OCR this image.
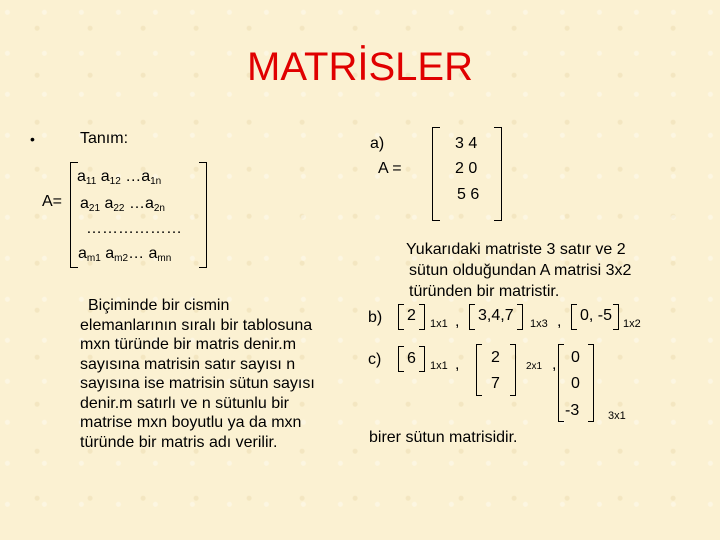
MATRİSLER
•	Tanım:
A=
$a_{11}$ $a_{12}$ $\dots a_{1n}$
$a_{21}$ $a_{22}$ $\dots a_{2n}$
………………
$a_{m1}$ $a_{m2}\dots$ $a_{mn}$
Biçiminde bir cismin
elemanlarının sıralı bir tablosuna
mxn türünde bir matris denir.m
sayısına matrisin satır sayısı n
sayısına ise matrisin sütun sayısı
denir.m satırlı ve n sütunlu bir
matrise mxn boyutlu ya da mxn
türünde bir matris adı verilir.
a)
A =
3 4
2 0
5 6
Yukarıdaki matriste 3 satır ve 2
sütun olduğundan A matrisi 3x2
türünden bir matristir.
b) 2 1x1 , 3,4,7 1x3 , 0, -5 1x2
c) 6 1x1 , 2
7
2x1 , 0
0
-3	3x1
birer sütun matrisidir.
